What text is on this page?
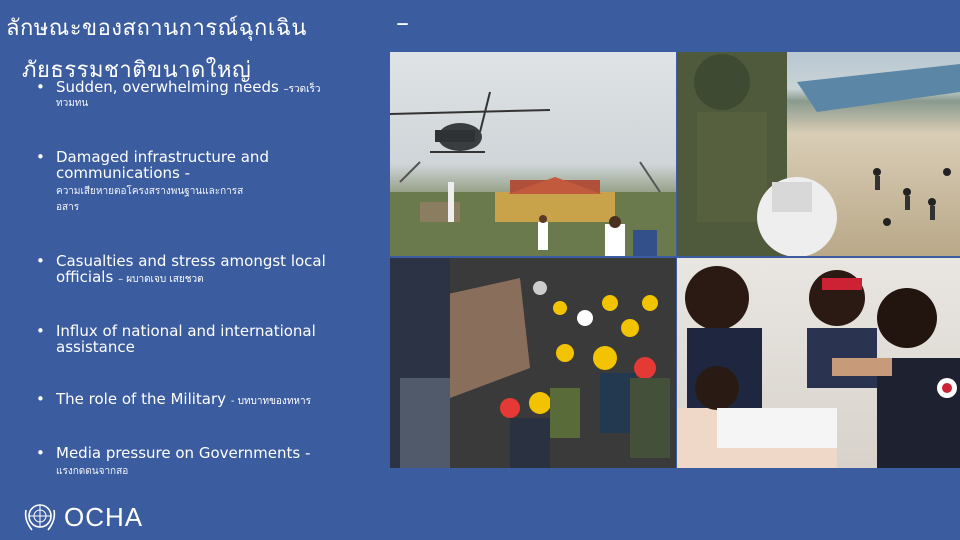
ลักษณะของสถานการณ์ฉุกเฉิน
ภัยธรรมชาติขนาดใหญ่
–
• Sudden, overwhelming needs –รวดเร็ว
ทวมทน
• Damaged infrastructure and
communications -
ความเสียหายตอโครงสรางพนฐานและการส
อสาร
• Casualties and stress amongst local
officials – ผบาดเจบ เสยชวต
• Influx of national and international
assistance
• The role of the Military - บทบาทของทหาร
• Media pressure on Governments -
แรงกดดนจากสอ
OCHA
